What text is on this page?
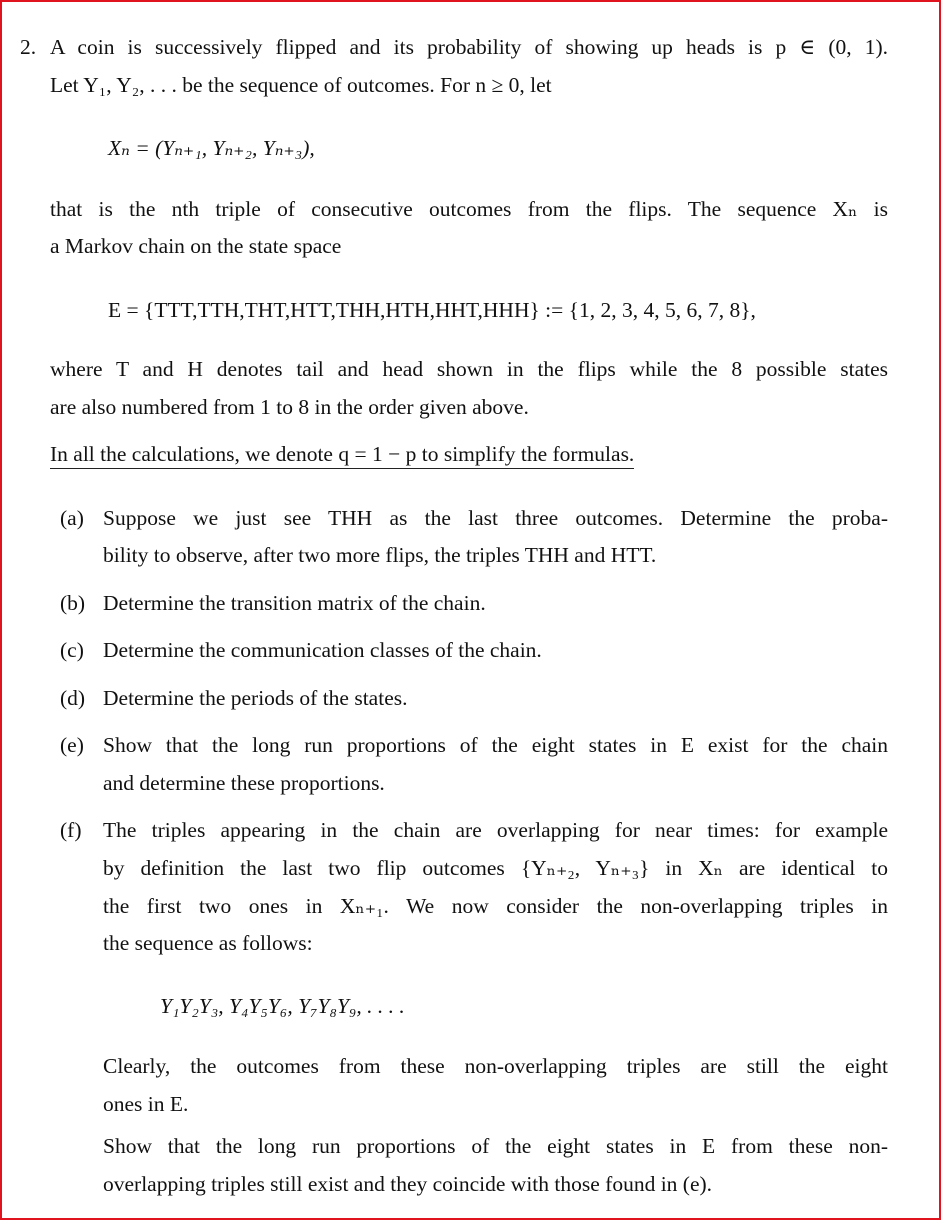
2. A coin is successively flipped and its probability of showing up heads is p ∈ (0, 1).
Let Y₁, Y₂, . . . be the sequence of outcomes. For n ≥ 0, let
Xₙ = (Yₙ₊₁, Yₙ₊₂, Yₙ₊₃),
that is the nth triple of consecutive outcomes from the flips. The sequence Xₙ is
a Markov chain on the state space
E = {TTT,TTH,THT,HTT,THH,HTH,HHT,HHH} := {1, 2, 3, 4, 5, 6, 7, 8},
where T and H denotes tail and head shown in the flips while the 8 possible states
are also numbered from 1 to 8 in the order given above.
In all the calculations, we denote q = 1 − p to simplify the formulas.
(a) Suppose we just see THH as the last three outcomes. Determine the proba-
bility to observe, after two more flips, the triples THH and HTT.
(b) Determine the transition matrix of the chain.
(c) Determine the communication classes of the chain.
(d) Determine the periods of the states.
(e) Show that the long run proportions of the eight states in E exist for the chain
and determine these proportions.
(f) The triples appearing in the chain are overlapping for near times: for example
by definition the last two flip outcomes {Yₙ₊₂, Yₙ₊₃} in Xₙ are identical to
the first two ones in Xₙ₊₁. We now consider the non-overlapping triples in
the sequence as follows:
Y₁Y₂Y₃, Y₄Y₅Y₆, Y₇Y₈Y₉, . . . .
Clearly, the outcomes from these non-overlapping triples are still the eight
ones in E.
Show that the long run proportions of the eight states in E from these non-
overlapping triples still exist and they coincide with those found in (e).
